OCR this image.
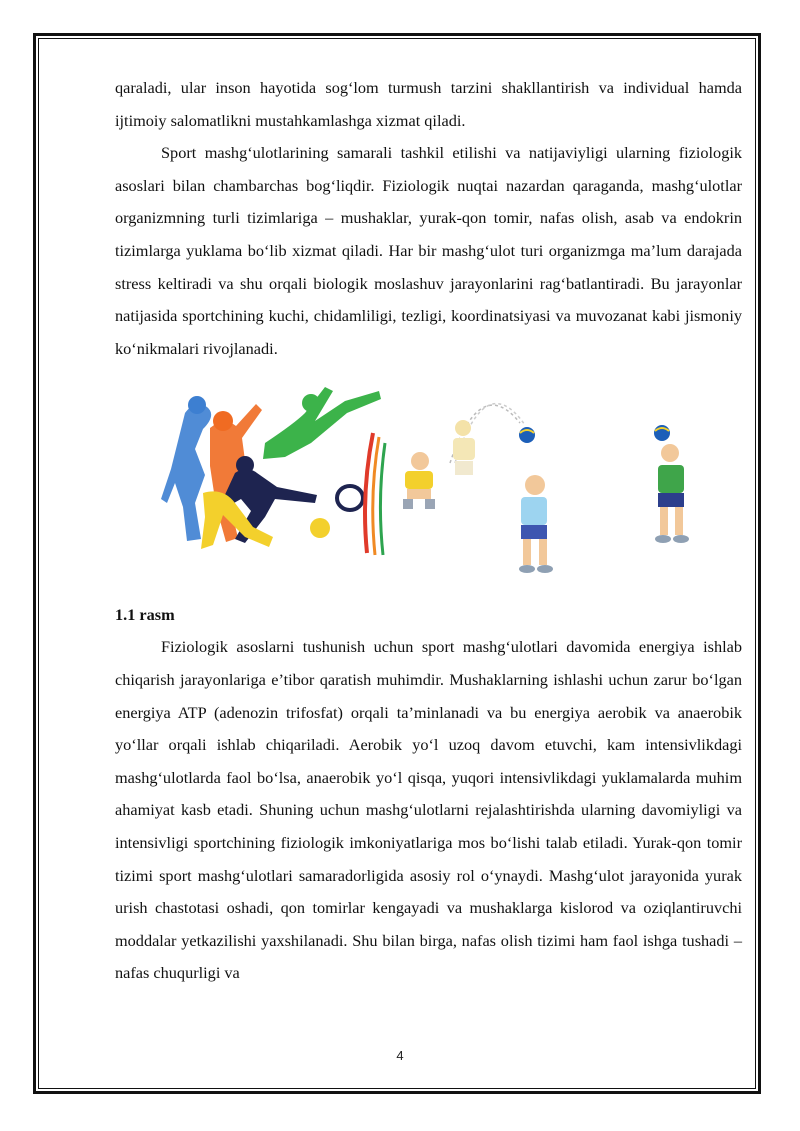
qaraladi, ular inson hayotida sog‘lom turmush tarzini shakllantirish va individual hamda ijtimoiy salomatlikni mustahkamlashga xizmat qiladi.

Sport mashg‘ulotlarining samarali tashkil etilishi va natijaviyligi ularning fiziologik asoslari bilan chambarchas bog‘liqdir. Fiziologik nuqtai nazardan qaraganda, mashg‘ulotlar organizmning turli tizimlariga – mushaklar, yurak-qon tomir, nafas olish, asab va endokrin tizimlarga yuklama bo‘lib xizmat qiladi. Har bir mashg‘ulot turi organizmga ma’lum darajada stress keltiradi va shu orqali biologik moslashuv jarayonlarini rag‘batlantiradi. Bu jarayonlar natijasida sportchining kuchi, chidamliligi, tezligi, koordinatsiyasi va muvozanat kabi jismoniy ko‘nikmalari rivojlanadi.

1.1 rasm

Fiziologik asoslarni tushunish uchun sport mashg‘ulotlari davomida energiya ishlab chiqarish jarayonlariga e’tibor qaratish muhimdir. Mushaklarning ishlashi uchun zarur bo‘lgan energiya ATP (adenozin trifosfat) orqali ta’minlanadi va bu energiya aerobik va anaerobik yo‘llar orqali ishlab chiqariladi. Aerobik yo‘l uzoq davom etuvchi, kam intensivlikdagi mashg‘ulotlarda faol bo‘lsa, anaerobik yo‘l qisqa, yuqori intensivlikdagi yuklamalarda muhim ahamiyat kasb etadi. Shuning uchun mashg‘ulotlarni rejalashtirishda ularning davomiyligi va intensivligi sportchining fiziologik imkoniyatlariga mos bo‘lishi talab etiladi. Yurak-qon tomir tizimi sport mashg‘ulotlari samaradorligida asosiy rol o‘ynaydi. Mashg‘ulot jarayonida yurak urish chastotasi oshadi, qon tomirlar kengayadi va mushaklarga kislorod va oziqlantiruvchi moddalar yetkazilishi yaxshilanadi. Shu bilan birga, nafas olish tizimi ham faol ishga tushadi – nafas chuqurligi va

4
